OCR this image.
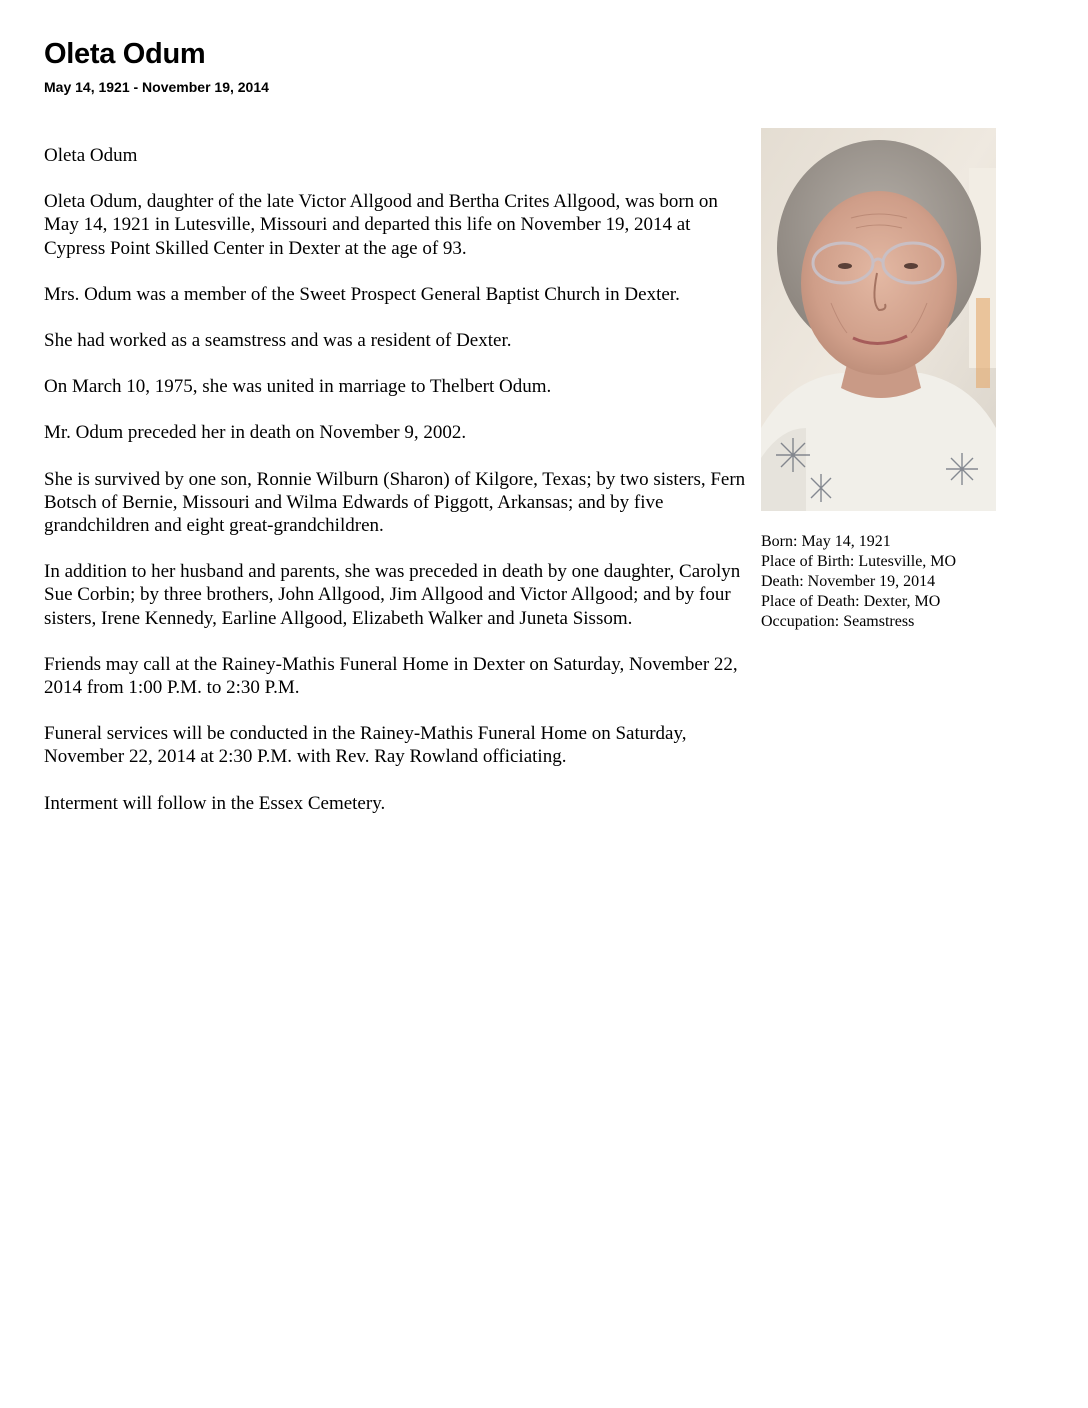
Oleta Odum
May 14, 1921 - November 19, 2014

Oleta Odum

Oleta Odum, daughter of the late Victor Allgood and Bertha Crites Allgood, was born on May 14, 1921 in Lutesville, Missouri and departed this life on November 19, 2014 at Cypress Point Skilled Center in Dexter at the age of 93.

Mrs. Odum was a member of the Sweet Prospect General Baptist Church in Dexter.

She had worked as a seamstress and was a resident of Dexter.

On March 10, 1975, she was united in marriage to Thelbert Odum.

Mr. Odum preceded her in death on November 9, 2002.

She is survived by one son, Ronnie Wilburn (Sharon) of Kilgore, Texas; by two sisters, Fern Botsch of Bernie, Missouri and Wilma Edwards of Piggott, Arkansas; and by five grandchildren and eight great-grandchildren.

In addition to her husband and parents, she was preceded in death by one daughter, Carolyn Sue Corbin; by three brothers, John Allgood, Jim Allgood and Victor Allgood; and by four sisters, Irene Kennedy, Earline Allgood, Elizabeth Walker and Juneta Sissom.

Friends may call at the Rainey-Mathis Funeral Home in Dexter on Saturday, November 22, 2014 from 1:00 P.M. to 2:30 P.M.

Funeral services will be conducted in the Rainey-Mathis Funeral Home on Saturday, November 22, 2014 at 2:30 P.M. with Rev. Ray Rowland officiating.

Interment will follow in the Essex Cemetery.

Born: May 14, 1921
Place of Birth: Lutesville, MO
Death: November 19, 2014
Place of Death: Dexter, MO
Occupation: Seamstress
